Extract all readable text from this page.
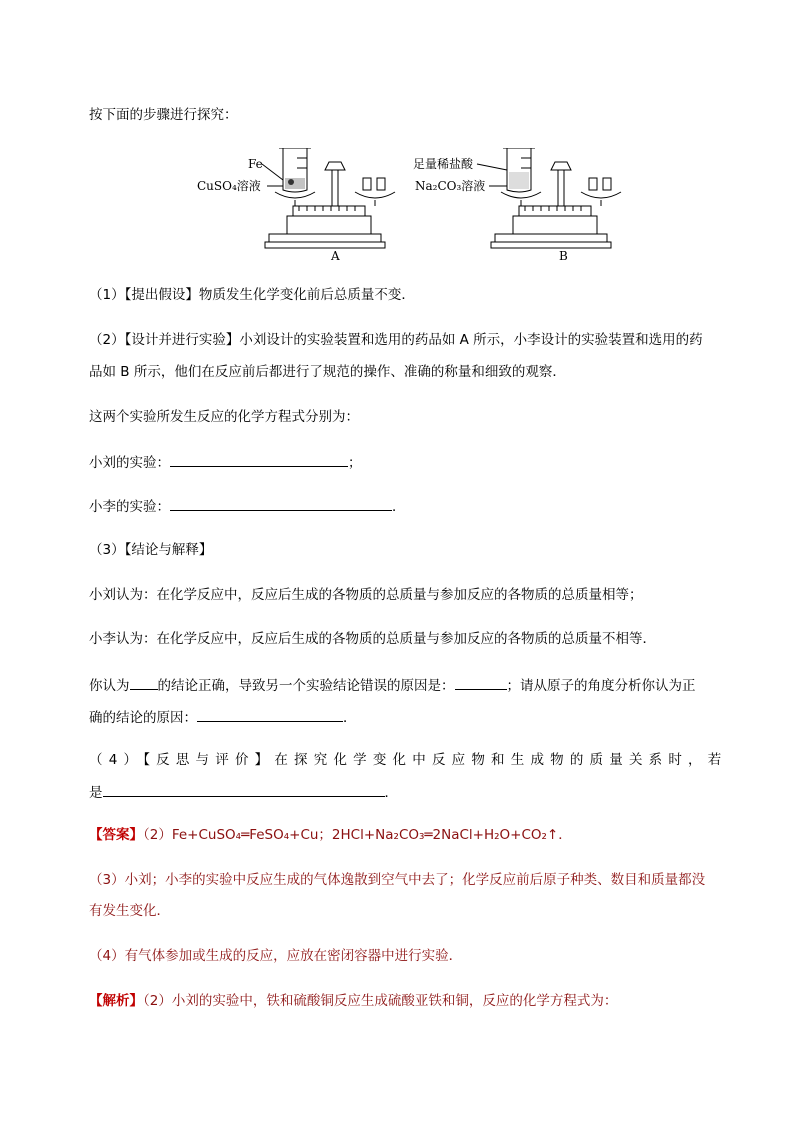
按下面的步骤进行探究：
Fe
CuSO₄溶液
A
足量稀盐酸
Na₂CO₃溶液
B
（1）【提出假设】物质发生化学变化前后总质量不变．
（2）【设计并进行实验】小刘设计的实验装置和选用的药品如 A 所示，小李设计的实验装置和选用的药
品如 B 所示，他们在反应前后都进行了规范的操作、准确的称量和细致的观察．
这两个实验所发生反应的化学方程式分别为：
小刘的实验：	；
小李的实验：	．
（3）【结论与解释】
小刘认为：在化学反应中，反应后生成的各物质的总质量与参加反应的各物质的总质量相等；
小李认为：在化学反应中，反应后生成的各物质的总质量与参加反应的各物质的总质量不相等．
你认为 的结论正确，导致另一个实验结论错误的原因是：	；请从原子的角度分析你认为正
确的结论的原因：	．
（4）【反思与评价】在探究化学变化中反应物和生成物的质量关系时，若
是	．
【答案】（2）Fe+CuSO₄═FeSO₄+Cu；2HCl+Na₂CO₃═2NaCl+H₂O+CO₂↑．
（3）小刘；小李的实验中反应生成的气体逸散到空气中去了；化学反应前后原子种类、数目和质量都没
有发生变化．
（4）有气体参加或生成的反应，应放在密闭容器中进行实验．
【解析】（2）小刘的实验中，铁和硫酸铜反应生成硫酸亚铁和铜，反应的化学方程式为：
